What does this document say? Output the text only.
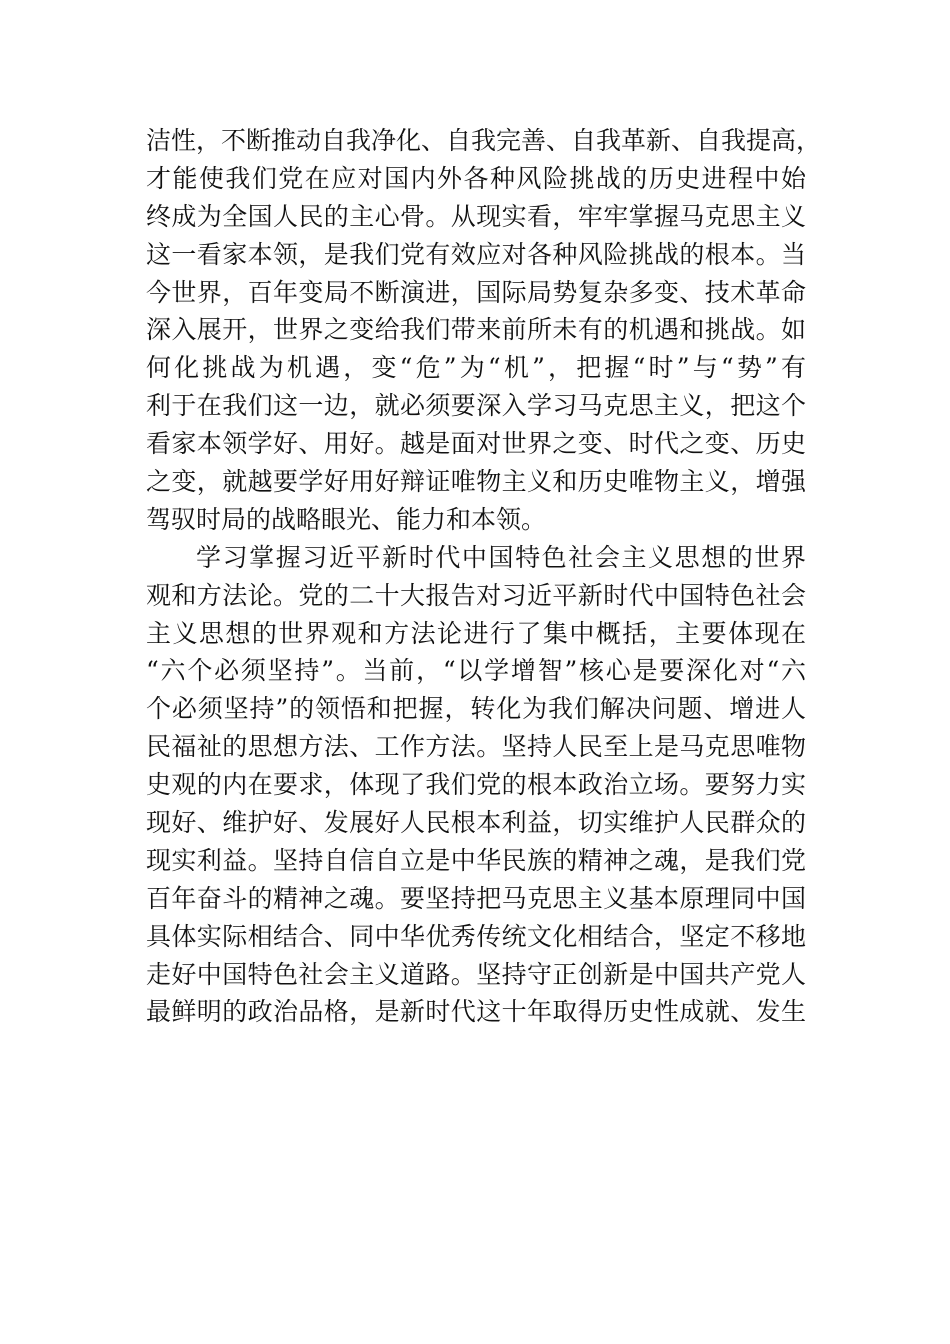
洁性，不断推动自我净化、自我完善、自我革新、自我提高，
才能使我们党在应对国内外各种风险挑战的历史进程中始
终成为全国人民的主心骨。从现实看，牢牢掌握马克思主义
这一看家本领，是我们党有效应对各种风险挑战的根本。当
今世界，百年变局不断演进，国际局势复杂多变、技术革命
深入展开，世界之变给我们带来前所未有的机遇和挑战。如
何化挑战为机遇，变“危”为“机”，把握“时”与“势”有
利于在我们这一边，就必须要深入学习马克思主义，把这个
看家本领学好、用好。越是面对世界之变、时代之变、历史
之变，就越要学好用好辩证唯物主义和历史唯物主义，增强
驾驭时局的战略眼光、能力和本领。
学习掌握习近平新时代中国特色社会主义思想的世界
观和方法论。党的二十大报告对习近平新时代中国特色社会
主义思想的世界观和方法论进行了集中概括，主要体现在
“六个必须坚持”。当前，“以学增智”核心是要深化对“六
个必须坚持”的领悟和把握，转化为我们解决问题、增进人
民福祉的思想方法、工作方法。坚持人民至上是马克思唯物
史观的内在要求，体现了我们党的根本政治立场。要努力实
现好、维护好、发展好人民根本利益，切实维护人民群众的
现实利益。坚持自信自立是中华民族的精神之魂，是我们党
百年奋斗的精神之魂。要坚持把马克思主义基本原理同中国
具体实际相结合、同中华优秀传统文化相结合，坚定不移地
走好中国特色社会主义道路。坚持守正创新是中国共产党人
最鲜明的政治品格，是新时代这十年取得历史性成就、发生
